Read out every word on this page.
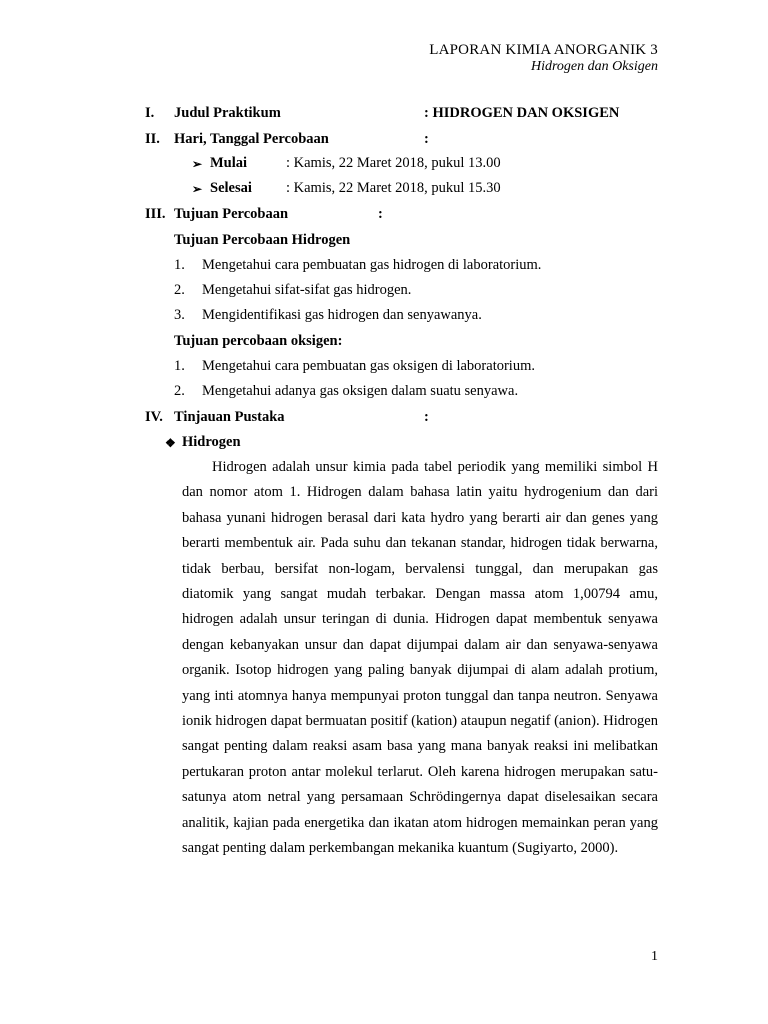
LAPORAN KIMIA ANORGANIK 3
Hidrogen dan Oksigen
I. Judul Praktikum	: HIDROGEN DAN OKSIGEN
II. Hari, Tanggal Percobaan	:
➢ Mulai	: Kamis, 22 Maret 2018, pukul 13.00
➢ Selesai : Kamis, 22 Maret 2018, pukul 15.30
III. Tujuan Percobaan	:
Tujuan Percobaan Hidrogen
1. Mengetahui cara pembuatan gas hidrogen di laboratorium.
2. Mengetahui sifat-sifat gas hidrogen.
3. Mengidentifikasi gas hidrogen dan senyawanya.
Tujuan percobaan oksigen:
1. Mengetahui cara pembuatan gas oksigen di laboratorium.
2. Mengetahui adanya gas oksigen dalam suatu senyawa.
IV. Tinjauan Pustaka	:
❖ Hidrogen
Hidrogen adalah unsur kimia pada tabel periodik yang memiliki simbol H dan nomor atom 1. Hidrogen dalam bahasa latin yaitu hydrogenium dan dari bahasa yunani hidrogen berasal dari kata hydro yang berarti air dan genes yang berarti membentuk air. Pada suhu dan tekanan standar, hidrogen tidak berwarna, tidak berbau, bersifat non-logam, bervalensi tunggal, dan merupakan gas diatomik yang sangat mudah terbakar. Dengan massa atom 1,00794 amu, hidrogen adalah unsur teringan di dunia. Hidrogen dapat membentuk senyawa dengan kebanyakan unsur dan dapat dijumpai dalam air dan senyawa-senyawa organik. Isotop hidrogen yang paling banyak dijumpai di alam adalah protium, yang inti atomnya hanya mempunyai proton tunggal dan tanpa neutron. Senyawa ionik hidrogen dapat bermuatan positif (kation) ataupun negatif (anion). Hidrogen sangat penting dalam reaksi asam basa yang mana banyak reaksi ini melibatkan pertukaran proton antar molekul terlarut. Oleh karena hidrogen merupakan satu-satunya atom netral yang persamaan Schrödingernya dapat diselesaikan secara analitik, kajian pada energetika dan ikatan atom hidrogen memainkan peran yang sangat penting dalam perkembangan mekanika kuantum (Sugiyarto, 2000).
1
